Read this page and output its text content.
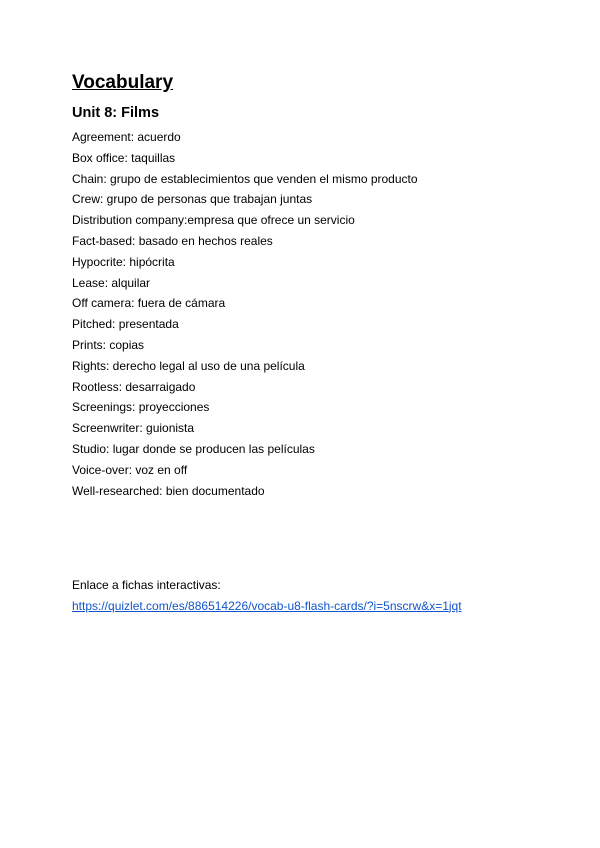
Vocabulary
Unit 8: Films
Agreement: acuerdo
Box office: taquillas
Chain: grupo de establecimientos que venden el mismo producto
Crew: grupo de personas que trabajan juntas
Distribution company:empresa que ofrece un servicio
Fact-based: basado en hechos reales
Hypocrite: hipócrita
Lease: alquilar
Off camera: fuera de cámara
Pitched: presentada
Prints: copias
Rights: derecho legal al uso de una película
Rootless: desarraigado
Screenings: proyecciones
Screenwriter: guionista
Studio: lugar donde se producen las películas
Voice-over: voz en off
Well-researched: bien documentado

Enlace a fichas interactivas:

https://quizlet.com/es/886514226/vocab-u8-flash-cards/?i=5nscrw&x=1jqt
